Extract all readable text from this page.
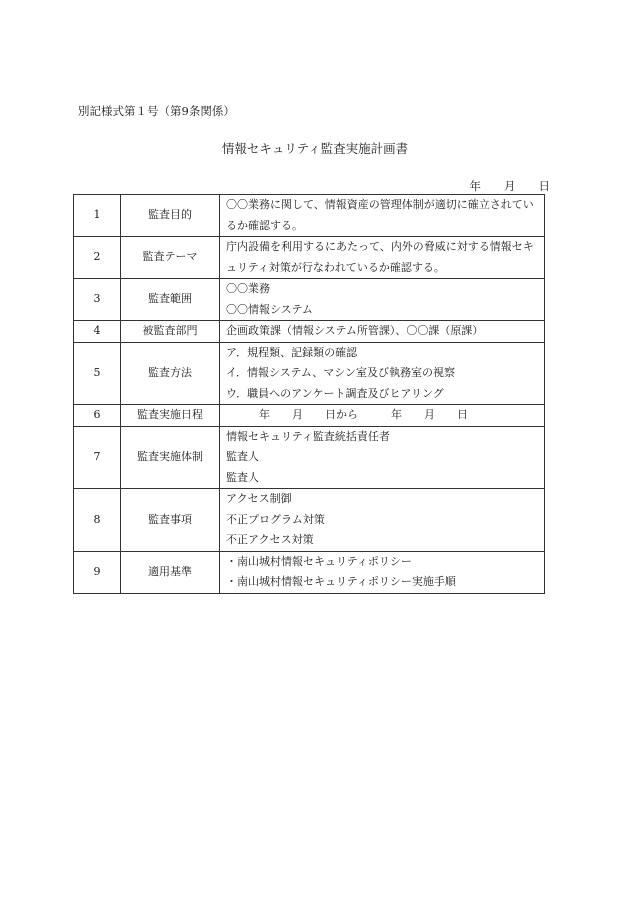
別記様式第１号（第9条関係）
情報セキュリティ監査実施計画書
年　　月　　日
1	監査目的	〇〇業務に関して、情報資産の管理体制が適切に確立されているか確認する。

2	監査テーマ	庁内設備を利用するにあたって、内外の脅威に対する情報セキュリティ対策が行なわれているか確認する。

3	監査範囲	〇〇業務
〇〇情報システム

4	被監査部門	企画政策課（情報システム所管課）、〇〇課（原課）

5	監査方法	ア．規程類、記録類の確認
イ．情報システム、マシン室及び執務室の視察
ウ．職員へのアンケート調査及びヒアリング

6	監査実施日程	　　　年　　月　　日から　　　年　　月　　日

7	監査実施体制	情報セキュリティ監査統括責任者
監査人
監査人

8	監査事項	アクセス制御
不正プログラム対策
不正アクセス対策

9	適用基準	・南山城村情報セキュリティポリシー
・南山城村情報セキュリティポリシー実施手順
